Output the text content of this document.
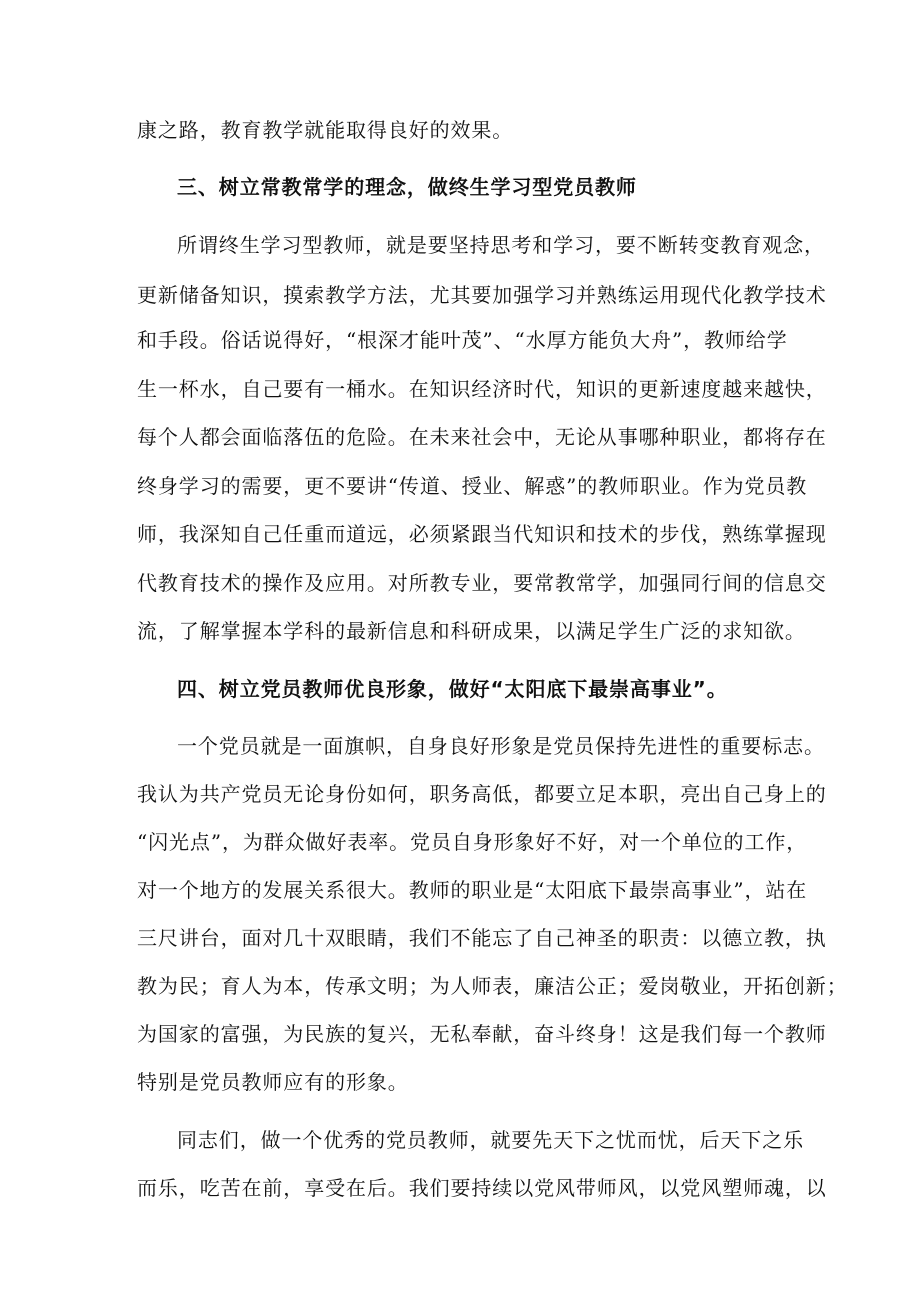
康之路，教育教学就能取得良好的效果。
三、树立常教常学的理念，做终生学习型党员教师
所谓终生学习型教师，就是要坚持思考和学习，要不断转变教育观念，
更新储备知识，摸索教学方法，尤其要加强学习并熟练运用现代化教学技术
和手段。俗话说得好，“根深才能叶茂”、“水厚方能负大舟”，教师给学
生一杯水，自己要有一桶水。在知识经济时代，知识的更新速度越来越快，
每个人都会面临落伍的危险。在未来社会中，无论从事哪种职业，都将存在
终身学习的需要，更不要讲“传道、授业、解惑”的教师职业。作为党员教
师，我深知自己任重而道远，必须紧跟当代知识和技术的步伐，熟练掌握现
代教育技术的操作及应用。对所教专业，要常教常学，加强同行间的信息交
流，了解掌握本学科的最新信息和科研成果，以满足学生广泛的求知欲。
四、树立党员教师优良形象，做好“太阳底下最崇高事业”。
一个党员就是一面旗帜，自身良好形象是党员保持先进性的重要标志。
我认为共产党员无论身份如何，职务高低，都要立足本职，亮出自己身上的
“闪光点”，为群众做好表率。党员自身形象好不好，对一个单位的工作，
对一个地方的发展关系很大。教师的职业是“太阳底下最崇高事业”，站在
三尺讲台，面对几十双眼睛，我们不能忘了自己神圣的职责：以德立教，执
教为民；育人为本，传承文明；为人师表，廉洁公正；爱岗敬业，开拓创新；
为国家的富强，为民族的复兴，无私奉献，奋斗终身！这是我们每一个教师
特别是党员教师应有的形象。
同志们，做一个优秀的党员教师，就要先天下之忧而忧，后天下之乐
而乐，吃苦在前，享受在后。我们要持续以党风带师风，以党风塑师魂，以
